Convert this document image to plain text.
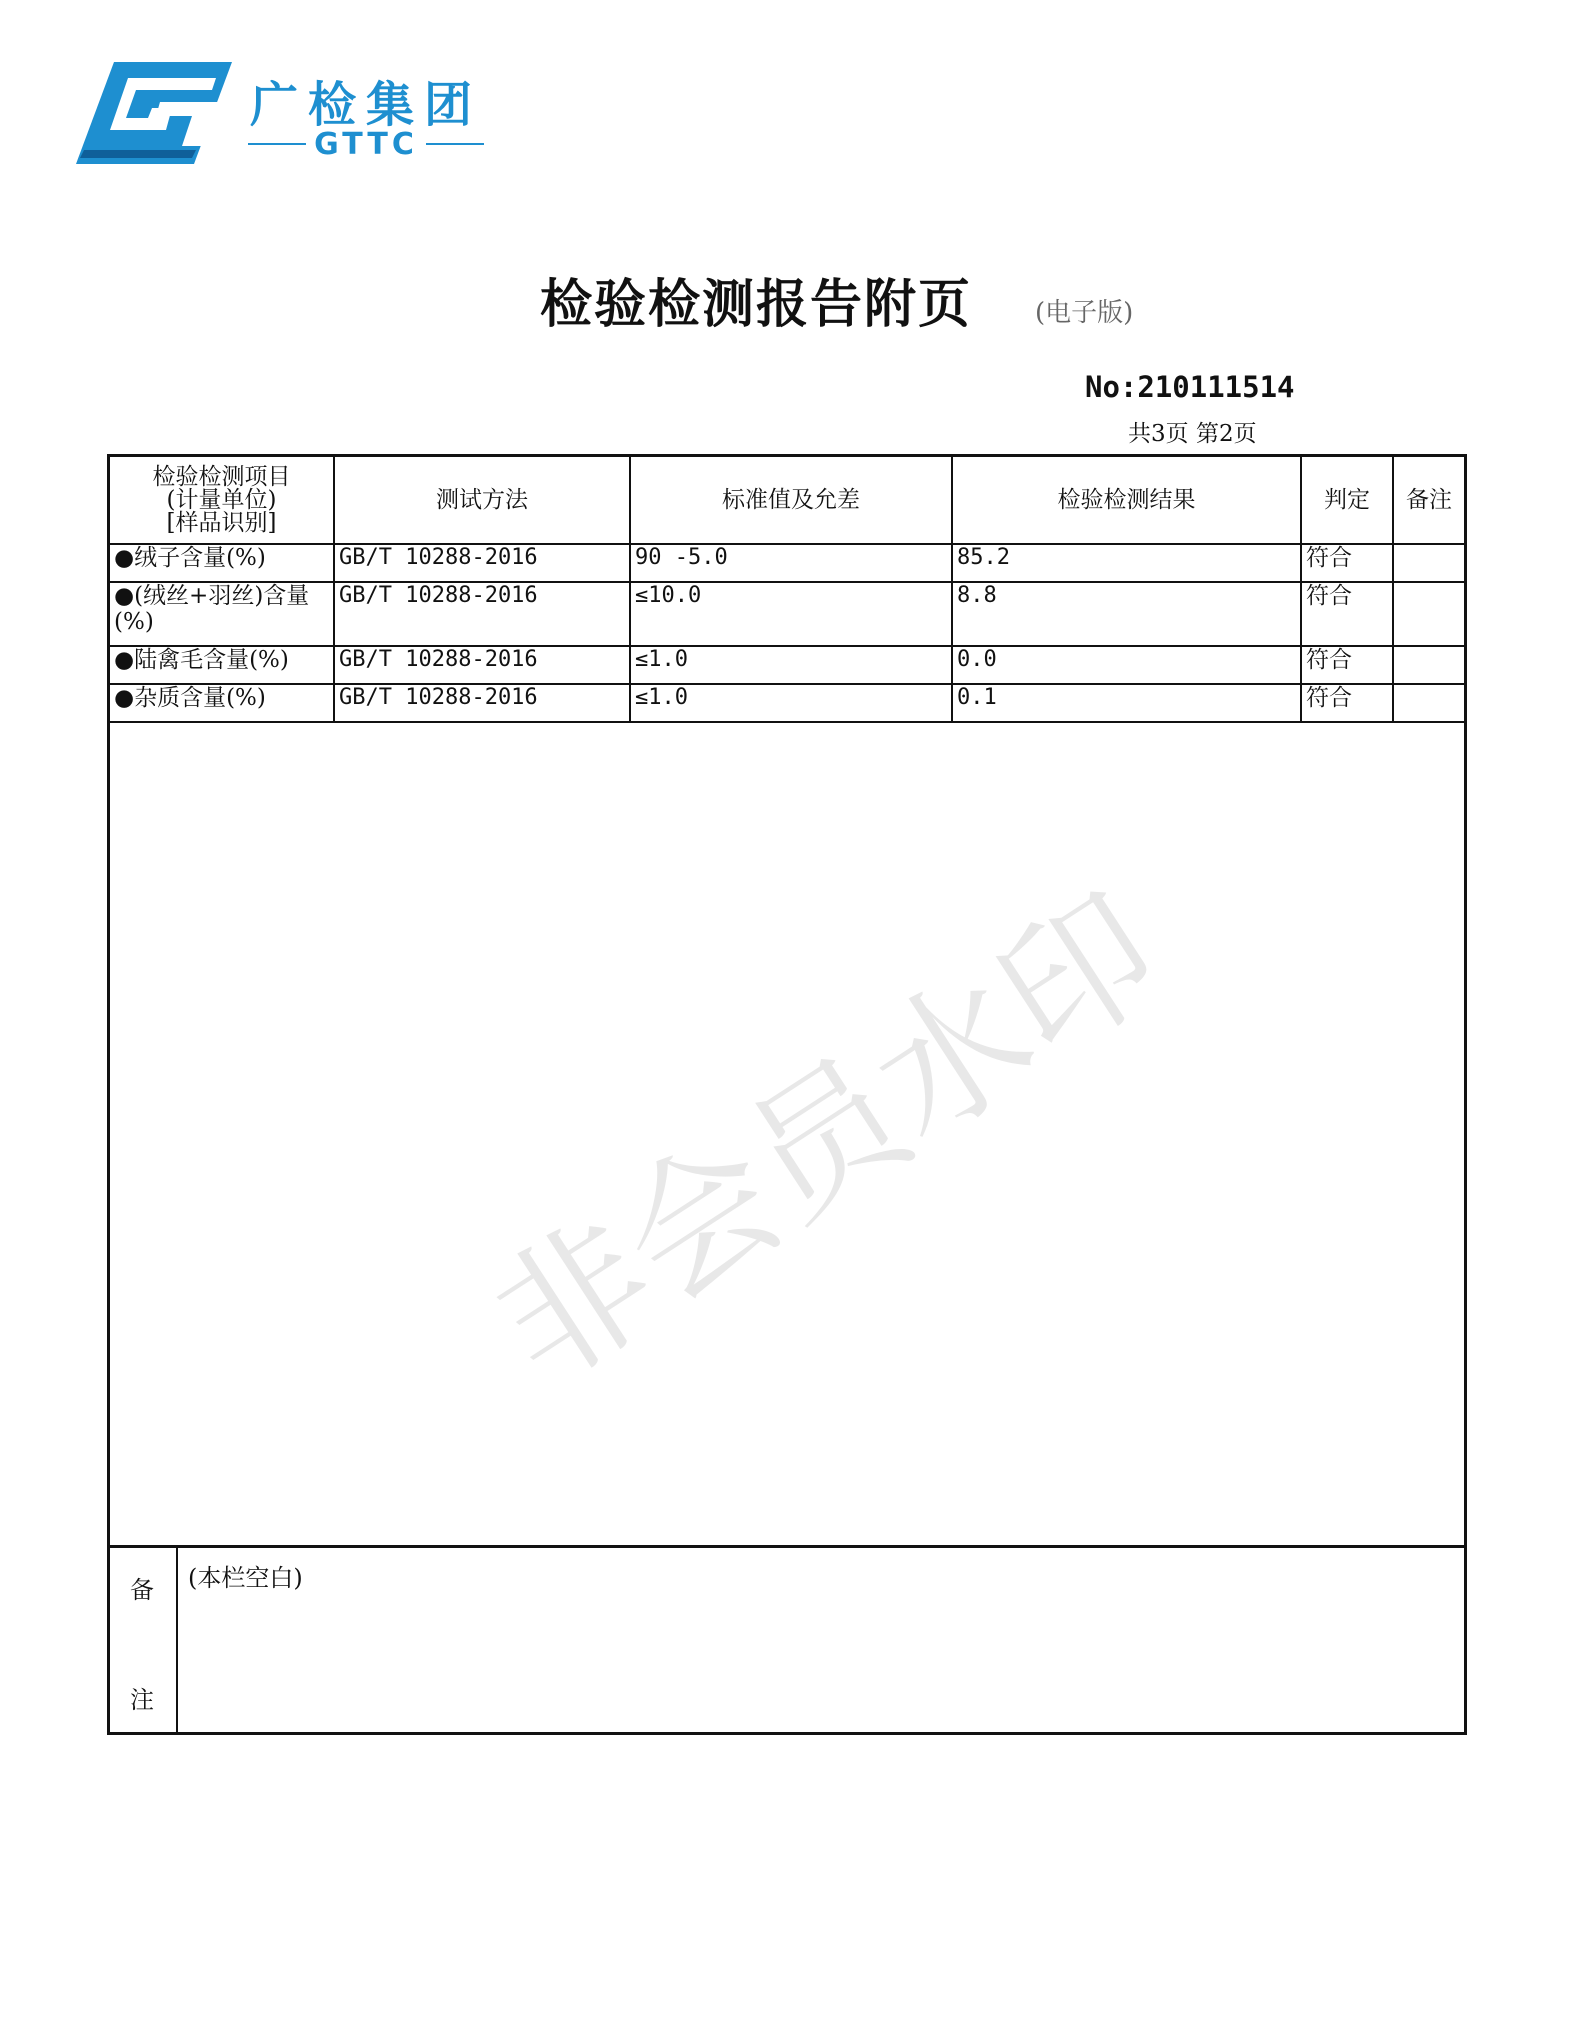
广检集团
GTTC
检验检测报告附页 (电子版)
No:210111514
共3页 第2页
检验检测项目
(计量单位)
[样品识别]	测试方法	标准值及允差	检验检测结果	判定	备注
●绒子含量(%)	GB/T 10288-2016	90 -5.0	85.2	符合	
●(绒丝+羽丝)含量(%)	GB/T 10288-2016	≤10.0	8.8	符合	
●陆禽毛含量(%)	GB/T 10288-2016	≤1.0	0.0	符合	
●杂质含量(%)	GB/T 10288-2016	≤1.0	0.1	符合	
备
注
(本栏空白)
非会员水印
